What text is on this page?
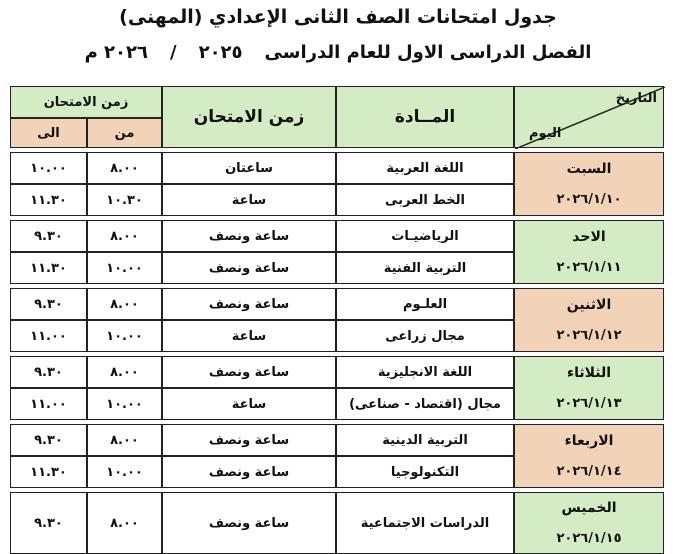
جدول امتحانات الصف الثانى الإعدادي (المهنى)
الفصل الدراسى الاول للعام الدراسى٢٠٢٥/٢٠٢٦ م
التاريخ
اليوم
المــادة
زمن الامتحان
زمن الامتحان
من
الى
السبت
٢٠٢٦/١/١٠
اللغة العربية
ساعتان
٨.٠٠
١٠.٠٠
الخط العربى
ساعة
١٠.٣٠
١١.٣٠
الاحد
٢٠٢٦/١/١١
الرياضيـات
ساعة ونصف
٨.٠٠
٩.٣٠
التربية الفنية
ساعة ونصف
١٠.٠٠
١١.٣٠
الاثنين
٢٠٢٦/١/١٢
العلـوم
ساعة ونصف
٨.٠٠
٩.٣٠
مجال زراعى
ساعة
١٠.٠٠
١١.٠٠
الثلاثاء
٢٠٢٦/١/١٣
اللغة الانجليزية
ساعة ونصف
٨.٠٠
٩.٣٠
مجال (اقتصاد - صناعى)
ساعة
١٠.٠٠
١١.٠٠
الاربعاء
٢٠٢٦/١/١٤
التربية الدينية
ساعة ونصف
٨.٠٠
٩.٣٠
التكنولوجيا
ساعة ونصف
١٠.٠٠
١١.٣٠
الخميس
٢٠٢٦/١/١٥
الدراسات الاجتماعية
ساعة ونصف
٨.٠٠
٩.٣٠
